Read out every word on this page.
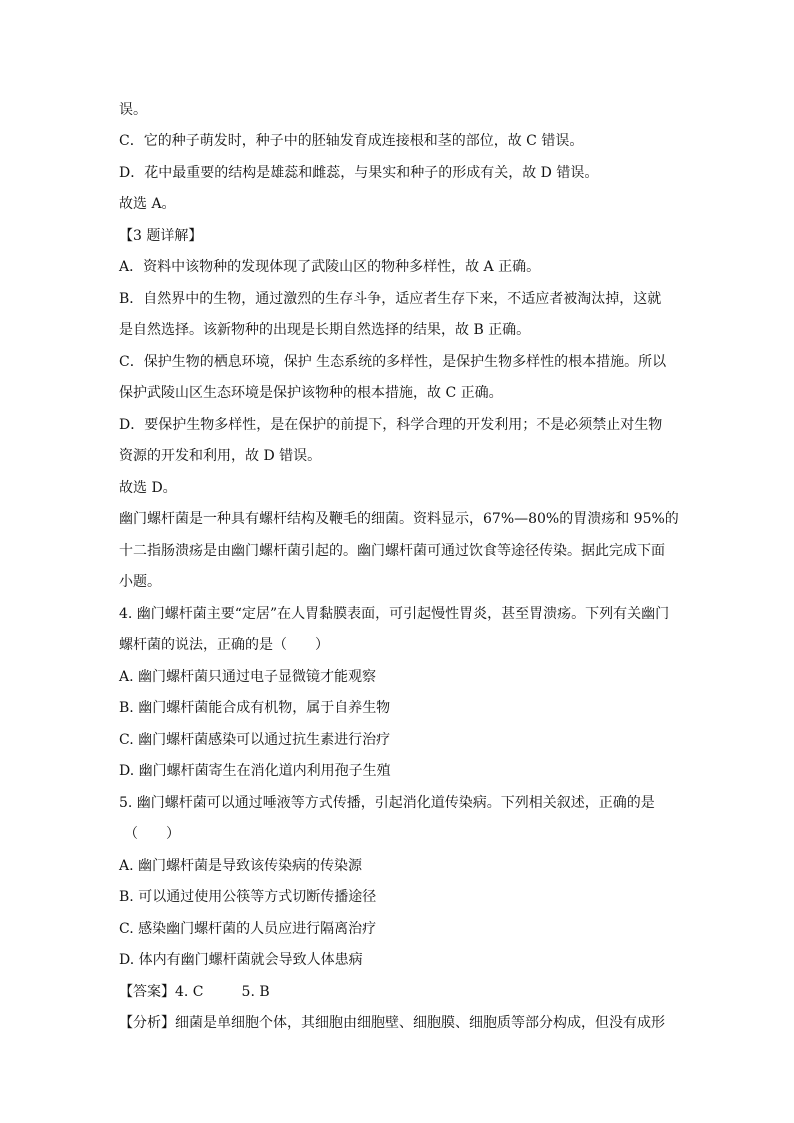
误。
C．它的种子萌发时，种子中的胚轴发育成连接根和茎的部位，故 C 错误。
D．花中最重要的结构是雄蕊和雌蕊，与果实和种子的形成有关，故 D 错误。
故选 A。
【3 题详解】
A．资料中该物种的发现体现了武陵山区的物种多样性，故 A 正确。
B．自然界中的生物，通过激烈的生存斗争，适应者生存下来，不适应者被淘汰掉，这就
是自然选择。该新物种的出现是长期自然选择的结果，故 B 正确。
C．保护生物的栖息环境，保护 生态系统的多样性，是保护生物多样性的根本措施。所以
保护武陵山区生态环境是保护该物种的根本措施，故 C 正确。
D．要保护生物多样性，是在保护的前提下，科学合理的开发利用；不是必须禁止对生物
资源的开发和利用，故 D 错误。
故选 D。
幽门螺杆菌是一种具有螺杆结构及鞭毛的细菌。资料显示，67%—80%的胃溃疡和 95%的
十二指肠溃疡是由幽门螺杆菌引起的。幽门螺杆菌可通过饮食等途径传染。据此完成下面
小题。
4. 幽门螺杆菌主要“定居”在人胃黏膜表面，可引起慢性胃炎，甚至胃溃疡。下列有关幽门
螺杆菌的说法，正确的是（　　）
A. 幽门螺杆菌只通过电子显微镜才能观察
B. 幽门螺杆菌能合成有机物，属于自养生物
C. 幽门螺杆菌感染可以通过抗生素进行治疗
D. 幽门螺杆菌寄生在消化道内利用孢子生殖
5. 幽门螺杆菌可以通过唾液等方式传播，引起消化道传染病。下列相关叙述，正确的是
（　　）
A. 幽门螺杆菌是导致该传染病的传染源
B. 可以通过使用公筷等方式切断传播途径
C. 感染幽门螺杆菌的人员应进行隔离治疗
D. 体内有幽门螺杆菌就会导致人体患病
【答案】4. C	5. B
【分析】细菌是单细胞个体，其细胞由细胞壁、细胞膜、细胞质等部分构成，但没有成形
